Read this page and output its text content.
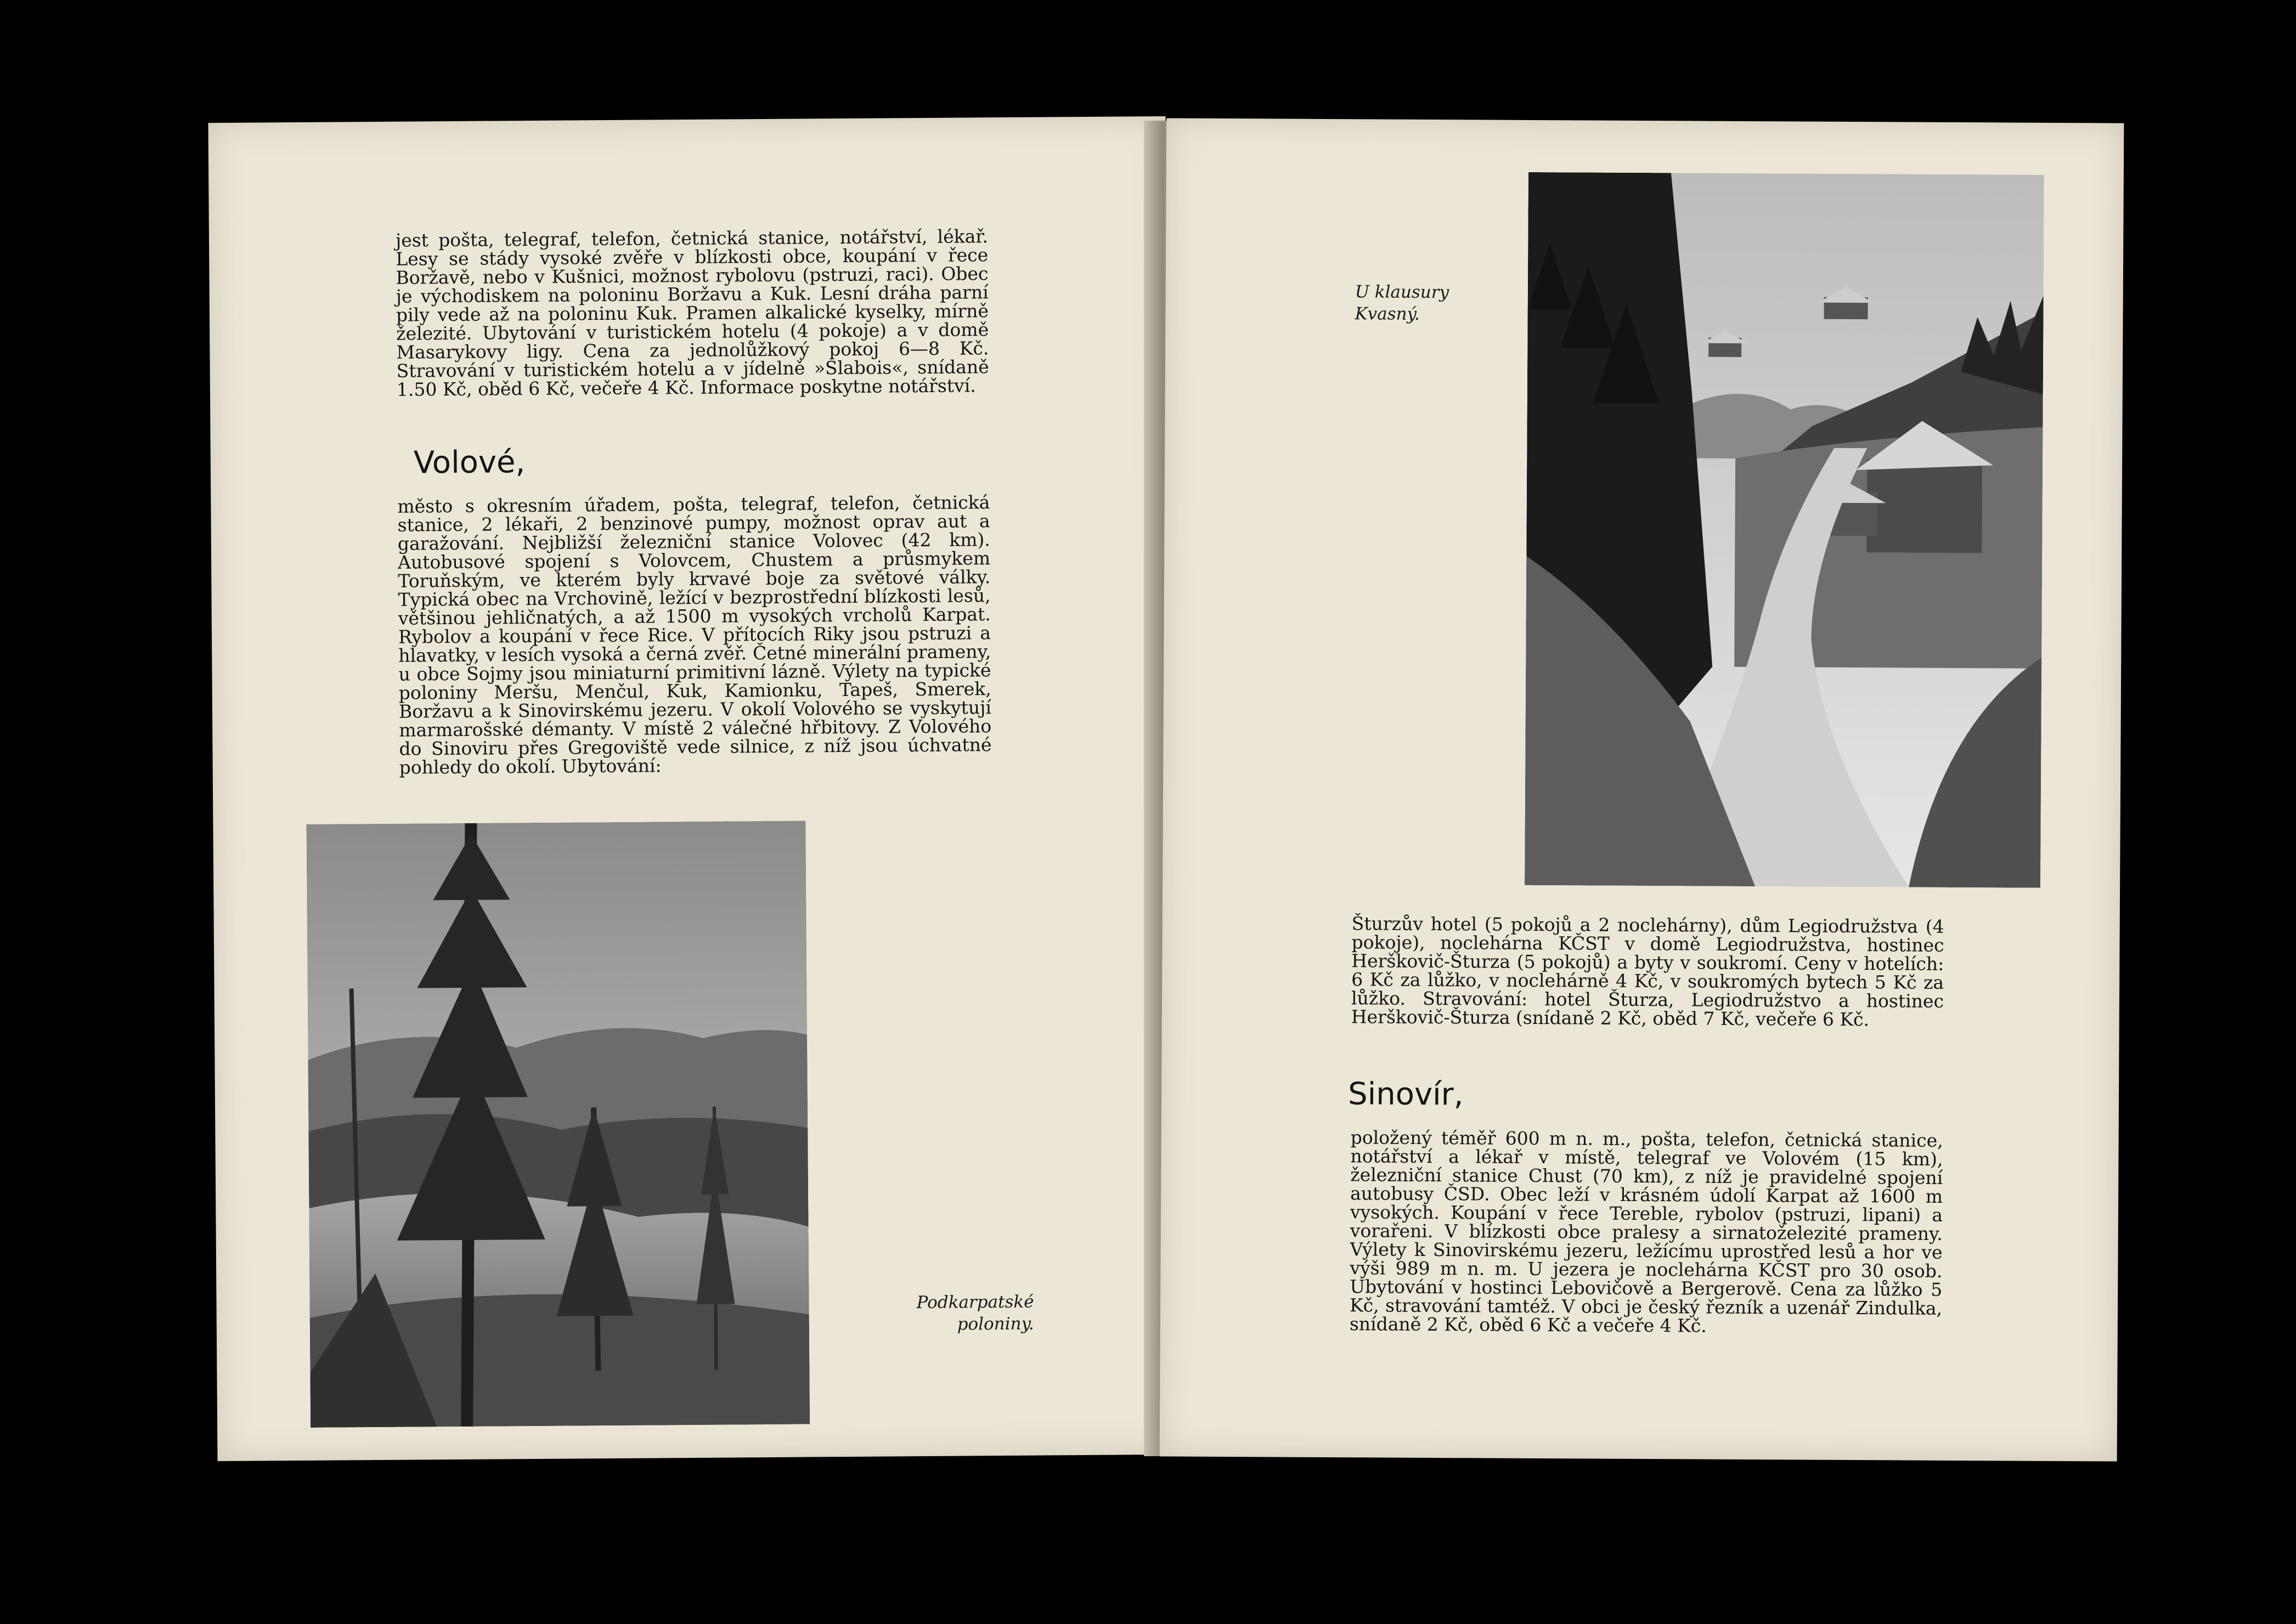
jest pošta, telegraf, telefon, četnická stanice, notářství, lékař. Lesy se stády vysoké zvěře v blízkosti obce, koupání v řece Boržavě, nebo v Kušnici, možnost rybolovu (pstruzi, raci). Obec je východiskem na poloninu Boržavu a Kuk. Lesní dráha parní pily vede až na poloninu Kuk. Pramen alkalické kyselky, mírně železité. Ubytování v turistickém hotelu (4 pokoje) a v domě Masarykovy ligy. Cena za jednolůžkový pokoj 6—8 Kč. Stravování v turistickém hotelu a v jídelně »Slabois«, snídaně 1.50 Kč, oběd 6 Kč, večeře 4 Kč. Informace poskytne notářství.

Volové,

město s okresním úřadem, pošta, telegraf, telefon, četnická stanice, 2 lékaři, 2 benzinové pumpy, možnost oprav aut a garažování. Nejbližší železniční stanice Volovec (42 km). Autobusové spojení s Volovcem, Chustem a průsmykem Toruňským, ve kterém byly krvavé boje za světové války. Typická obec na Vrchovině, ležící v bezprostřední blízkosti lesů, většinou jehličnatých, a až 1500 m vysokých vrcholů Karpat. Rybolov a koupání v řece Rice. V přítocích Riky jsou pstruzi a hlavatky, v lesích vysoká a černá zvěř. Četné minerální prameny, u obce Sojmy jsou miniaturní primitivní lázně. Výlety na typické poloniny Meršu, Menčul, Kuk, Kamionku, Tapeš, Smerek, Boržavu a k Sinovirskému jezeru. V okolí Volového se vyskytují marmarošské démanty. V místě 2 válečné hřbitovy. Z Volového do Sinoviru přes Gregoviště vede silnice, z níž jsou úchvatné pohledy do okolí. Ubytování:

Podkarpatské
poloniny.

U klausury
Kvasný.

Šturzův hotel (5 pokojů a 2 noclehárny), dům Legiodružstva (4 pokoje), noclehárna KČST v domě Legiodružstva, hostinec Herškovič-Šturza (5 pokojů) a byty v soukromí. Ceny v hotelích: 6 Kč za lůžko, v noclehárně 4 Kč, v soukromých bytech 5 Kč za lůžko. Stravování: hotel Šturza, Legiodružstvo a hostinec Herškovič-Šturza (snídaně 2 Kč, oběd 7 Kč, večeře 6 Kč.

Sinovír,

položený téměř 600 m n. m., pošta, telefon, četnická stanice, notářství a lékař v místě, telegraf ve Volovém (15 km), železniční stanice Chust (70 km), z níž je pravidelné spojení autobusy ČSD. Obec leží v krásném údolí Karpat až 1600 m vysokých. Koupání v řece Tereble, rybolov (pstruzi, lipani) a vorařeni. V blízkosti obce pralesy a sirnatoželezité prameny. Výlety k Sinovirskému jezeru, ležícímu uprostřed lesů a hor ve výši 989 m n. m. U jezera je noclehárna KČST pro 30 osob. Ubytování v hostinci Lebovičově a Bergerově. Cena za lůžko 5 Kč, stravování tamtéž. V obci je český řezník a uzenář Zindulka, snídaně 2 Kč, oběd 6 Kč a večeře 4 Kč.
